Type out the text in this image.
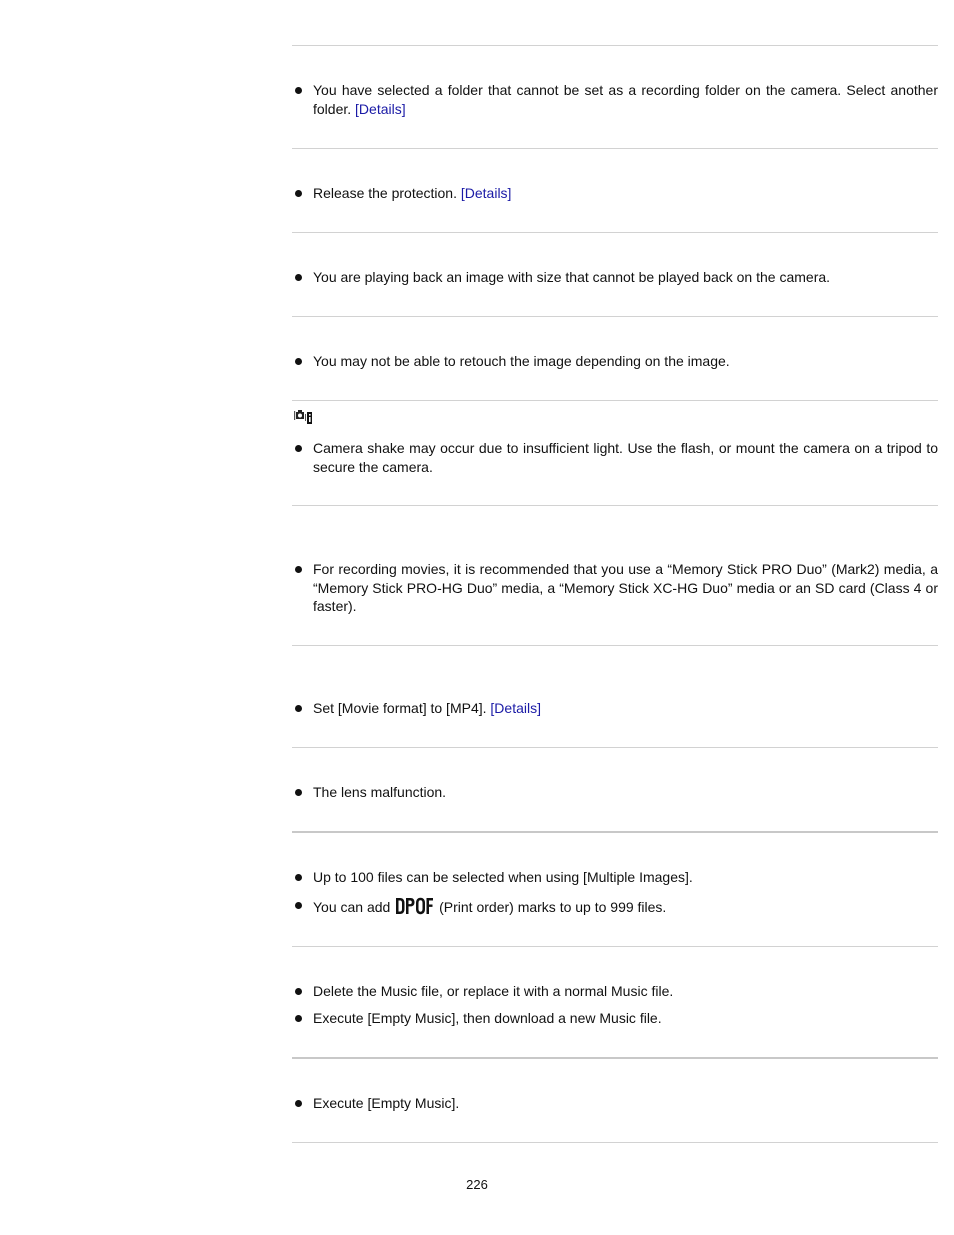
You have selected a folder that cannot be set as a recording folder on the camera. Select another folder. [Details]
Release the protection. [Details]
You are playing back an image with size that cannot be played back on the camera.
You may not be able to retouch the image depending on the image.
Camera shake may occur due to insufficient light. Use the flash, or mount the camera on a tripod to secure the camera.
For recording movies, it is recommended that you use a “Memory Stick PRO Duo” (Mark2) media, a “Memory Stick PRO-HG Duo” media, a “Memory Stick XC-HG Duo” media or an SD card (Class 4 or faster).
Set [Movie format] to [MP4]. [Details]
The lens malfunction.
Up to 100 files can be selected when using [Multiple Images].
You can add	(Print order) marks to up to 999 files.
Delete the Music file, or replace it with a normal Music file.
Execute [Empty Music], then download a new Music file.
Execute [Empty Music].
226
